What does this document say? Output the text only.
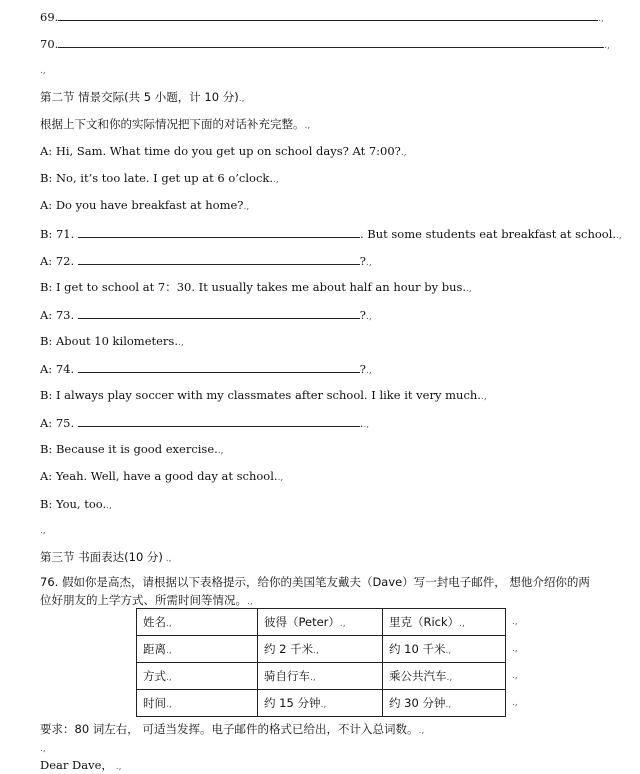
69.	.,
70.	.,
.,
第二节 情景交际(共 5 小题，计 10 分).,
根据上下文和你的实际情况把下面的对话补充完整。.,
A: Hi, Sam. What time do you get up on school days? At 7:00?.,
B: No, it’s too late. I get up at 6 o’clock..,
A: Do you have breakfast at home?.,
B: 71.	. But some students eat breakfast at school..,
A: 72.	?.,
B: I get to school at 7：30. It usually takes me about half an hour by bus..,
A: 73.	?.,
B: About 10 kilometers..,
A: 74.	?.,
B: I always play soccer with my classmates after school. I like it very much..,
A: 75.	..,
B: Because it is good exercise..,
A: Yeah. Well, have a good day at school..,
B: You, too..,
.,
第三节 书面表达(10 分) .,
76. 假如你是高杰，请根据以下表格提示，给你的美国笔友戴夫（Dave）写一封电子邮件， 想他介绍你的两
位好朋友的上学方式、所需时间等情况。.,
姓名.,	彼得（Peter）.,	里克（Rick）.,
距离.,	约 2 千米.,	约 10 千米.,
方式.,	骑自行车.,	乘公共汽车.,
时间.,	约 15 分钟.,	约 30 分钟.,
.,
.,
.,
.,
要求：80 词左右， 可适当发挥。电子邮件的格式已给出，不计入总词数。.,
.,
Dear Dave， .,
